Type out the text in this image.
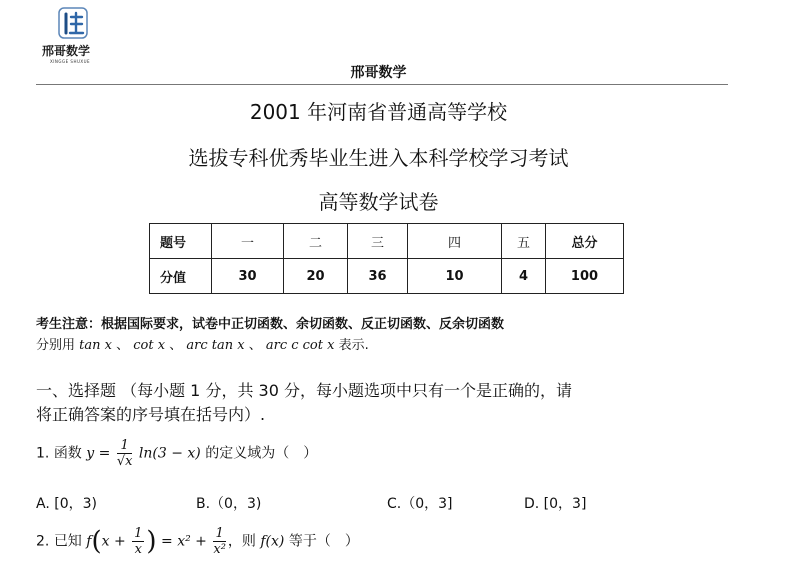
邢哥数学
XINGGE SHUXUE
邢哥数学
2001 年河南省普通高等学校
选拔专科优秀毕业生进入本科学校学习考试
高等数学试卷
题号	一	二	三	四	五	总分
分值	30	20	36	10	4	100
考生注意：根据国际要求，试卷中正切函数、余切函数、反正切函数、反余切函数
分别用 tan x 、 cot x 、 arc tan x 、 arc c cot x 表示.
一、选择题 （每小题 1 分，共 30 分，每小题选项中只有一个是正确的，请
将正确答案的序号填在括号内）.
1. 函数 $y = \frac{1}{√x} \ln(3 - x)$ 的定义域为（　）
A. [0，3)	B.（0，3)	C.（0，3]	D. [0，3]
2. 已知 $f(x + \frac{1}{x}$ ) = $x^2 + \frac{1}{\text{x²}}$ ，则 f(x) 等于（　）
